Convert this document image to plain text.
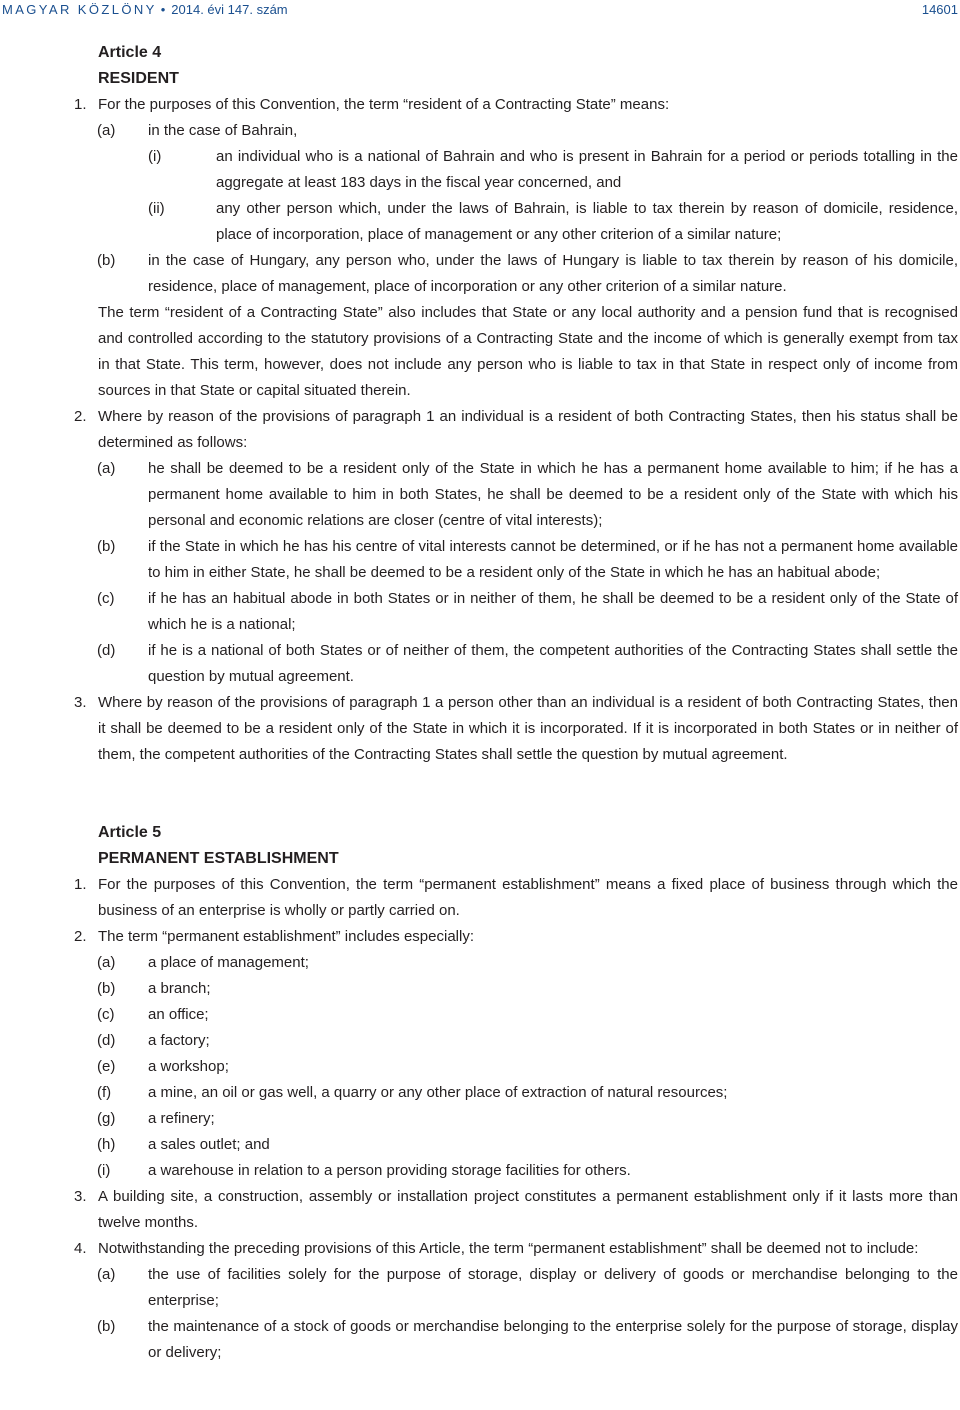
MAGYAR KÖZLÖNY • 2014. évi 147. szám	14601
Article 4
RESIDENT
1. For the purposes of this Convention, the term “resident of a Contracting State” means:
(a) in the case of Bahrain,
(i)	an individual who is a national of Bahrain and who is present in Bahrain for a period or periods totalling in the aggregate at least 183 days in the fiscal year concerned, and
(ii)	any other person which, under the laws of Bahrain, is liable to tax therein by reason of domicile, residence, place of incorporation, place of management or any other criterion of a similar nature;
(b) in the case of Hungary, any person who, under the laws of Hungary is liable to tax therein by reason of his domicile, residence, place of management, place of incorporation or any other criterion of a similar nature.
The term “resident of a Contracting State” also includes that State or any local authority and a pension fund that is recognised and controlled according to the statutory provisions of a Contracting State and the income of which is generally exempt from tax in that State. This term, however, does not include any person who is liable to tax in that State in respect only of income from sources in that State or capital situated therein.
2. Where by reason of the provisions of paragraph 1 an individual is a resident of both Contracting States, then his status shall be determined as follows:
(a) he shall be deemed to be a resident only of the State in which he has a permanent home available to him; if he has a permanent home available to him in both States, he shall be deemed to be a resident only of the State with which his personal and economic relations are closer (centre of vital interests);
(b) if the State in which he has his centre of vital interests cannot be determined, or if he has not a permanent home available to him in either State, he shall be deemed to be a resident only of the State in which he has an habitual abode;
(c) if he has an habitual abode in both States or in neither of them, he shall be deemed to be a resident only of the State of which he is a national;
(d) if he is a national of both States or of neither of them, the competent authorities of the Contracting States shall settle the question by mutual agreement.
3. Where by reason of the provisions of paragraph 1 a person other than an individual is a resident of both Contracting States, then it shall be deemed to be a resident only of the State in which it is incorporated. If it is incorporated in both States or in neither of them, the competent authorities of the Contracting States shall settle the question by mutual agreement.
Article 5
PERMANENT ESTABLISHMENT
1. For the purposes of this Convention, the term “permanent establishment” means a fixed place of business through which the business of an enterprise is wholly or partly carried on.
2. The term “permanent establishment” includes especially:
(a) a place of management;
(b) a branch;
(c) an office;
(d) a factory;
(e) a workshop;
(f) a mine, an oil or gas well, a quarry or any other place of extraction of natural resources;
(g) a refinery;
(h) a sales outlet; and
(i)	a warehouse in relation to a person providing storage facilities for others.
3. A building site, a construction, assembly or installation project constitutes a permanent establishment only if it lasts more than twelve months.
4. Notwithstanding the preceding provisions of this Article, the term “permanent establishment” shall be deemed not to include:
(a) the use of facilities solely for the purpose of storage, display or delivery of goods or merchandise belonging to the enterprise;
(b) the maintenance of a stock of goods or merchandise belonging to the enterprise solely for the purpose of storage, display or delivery;
